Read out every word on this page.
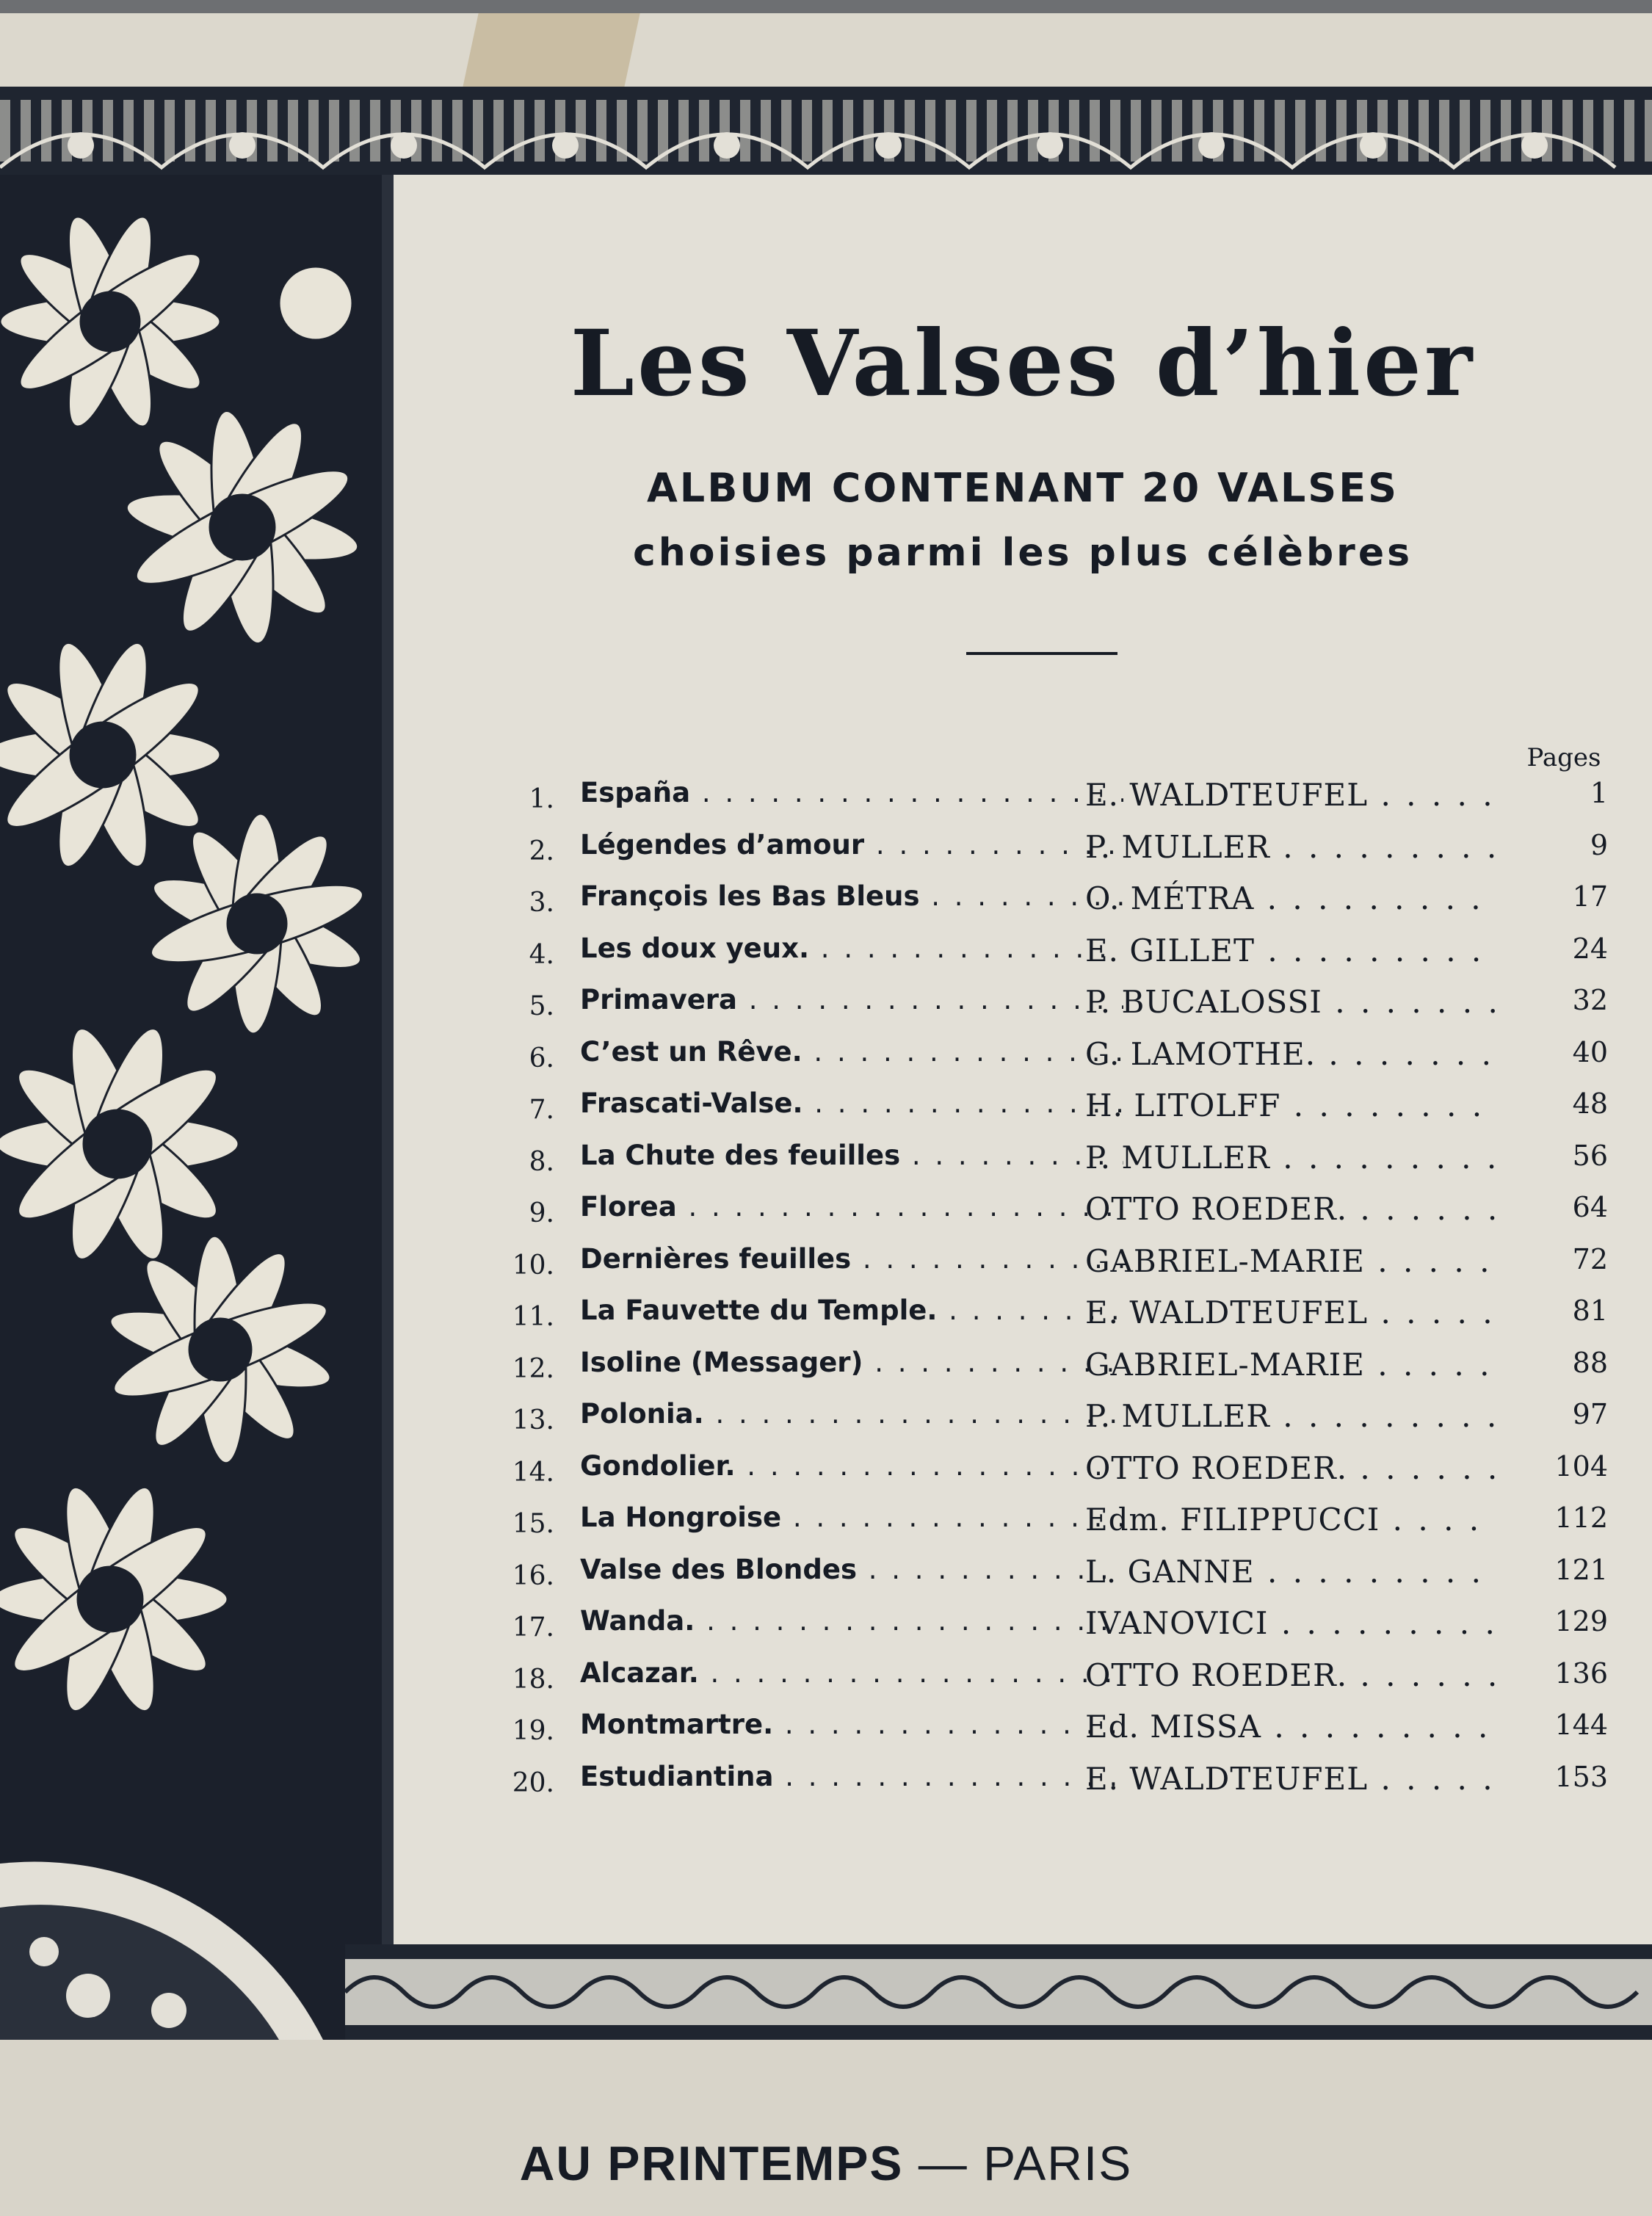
Les Valses d’hier
ALBUM CONTENANT 20 VALSES
choisies parmi les plus célèbres
Pages
1. España . . .	E. WALDTEUFEL . . .	1
2. Légendes d’amour . . .	P. MULLER . . .	9
3. François les Bas Bleus . . .	O. MÉTRA . . .	17
4. Les doux yeux. . . .	E. GILLET . . .	24
5. Primavera . . .	P. BUCALOSSI . . .	32
6. C’est un Rêve. . . .	G. LAMOTHE. . . .	40
7. Frascati-Valse. . . .	H. LITOLFF . . .	48
8. La Chute des feuilles . . .	P. MULLER . . .	56
9. Florea . . .	OTTO ROEDER. . . .	64
10. Dernières feuilles . . .	GABRIEL-MARIE . . .	72
11. La Fauvette du Temple. . . .	E. WALDTEUFEL . . .	81
12. Isoline (Messager) . . .	GABRIEL-MARIE . . .	88
13. Polonia. . . .	P. MULLER . . .	97
14. Gondolier. . . .	OTTO ROEDER. . . .	104
15. La Hongroise . . .	Edm. FILIPPUCCI . . .	112
16. Valse des Blondes . . .	L. GANNE . . .	121
17. Wanda. . . .	IVANOVICI . . .	129
18. Alcazar. . . .	OTTO ROEDER. . . .	136
19. Montmartre. . . .	Ed. MISSA . . .	144
20. Estudiantina . . .	E. WALDTEUFEL . . .	153
AU PRINTEMPS — PARIS
